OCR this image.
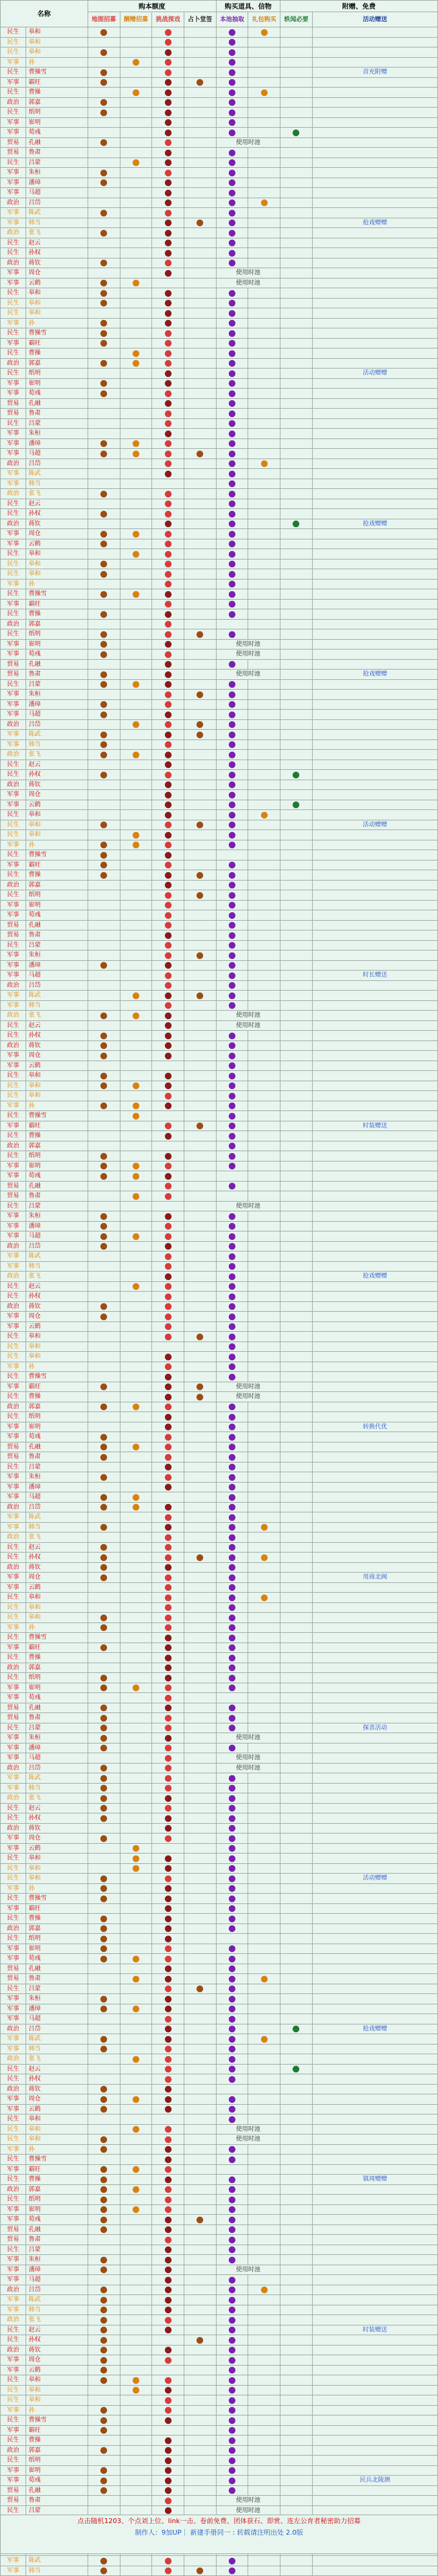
名称		购本额度				购买道具、信物		附赠、免费	
		地图招募	酬赠招募	挑战探戏	占卜堂签	本池抽取	礼包购买	轶闻必要	活动赠送
民生	皋和								
民生	皋和								
民生	皋和								
军事	孙								
民生	曹操雪								首充附赠
军事	霸旺								
民生	曹操								
政治	郭嘉								
民生	纸明								
军事	崔明								
军事	荀彧								
贸易	孔融					使用时池			
贸易	鲁肃								
民生	吕蒙								
军事	朱桓								
军事	潘璋								
军事	马超								
政治	吕岱								
军事	陈武								
军事	韩当								抢戏赠赠
政治	张飞								
民生	赵云								
民生	孙权								
政治	蒋钦								
军事	周仓					使用时池			
军事	云鹤					使用时池			
民生	皋和								
民生	皋和								
民生	皋和								
军事	孙								
民生	曹操雪								
军事	霸旺								
民生	曹操								
政治	郭嘉								
民生	纸明								活动赠赠
军事	崔明								
军事	荀彧								
贸易	孔融								
贸易	鲁肃								
民生	吕蒙								
军事	朱桓								
军事	潘璋								
军事	马超								
政治	吕岱								
军事	陈武								
军事	韩当								
政治	张飞								
民生	赵云								
民生	孙权								
政治	蒋钦								抢戏赠赠
军事	周仓								
军事	云鹤								
民生	皋和								
民生	皋和								
民生	皋和								
军事	孙								
民生	曹操雪								
军事	霸旺								
民生	曹操								
政治	郭嘉								
民生	纸明								
军事	崔明					使用时池			
军事	荀彧					使用时池			
贸易	孔融								
贸易	鲁肃					使用时池			抢戏赠赠
民生	吕蒙								
军事	朱桓								
军事	潘璋								
军事	马超								
政治	吕岱								
军事	陈武								
军事	韩当								
政治	张飞								
民生	赵云								
民生	孙权								
政治	蒋钦								
军事	周仓								
军事	云鹤								
民生	皋和								
民生	皋和								活动赠赠
民生	皋和								
军事	孙								
民生	曹操雪								
军事	霸旺								
民生	曹操								
政治	郭嘉								
民生	纸明								
军事	崔明								
军事	荀彧								
贸易	孔融								
贸易	鲁肃								
民生	吕蒙								
军事	朱桓								
军事	潘璋								
军事	马超								时长赠送
政治	吕岱								
军事	陈武								
军事	韩当								
政治	张飞					使用时池			
民生	赵云					使用时池			
民生	孙权								
政治	蒋钦								
军事	周仓								
军事	云鹤								
民生	皋和								
民生	皋和								
民生	皋和								
军事	孙								
民生	曹操雪								
军事	霸旺								时装赠送
民生	曹操								
政治	郭嘉								
民生	纸明								
军事	崔明								
军事	荀彧								
贸易	孔融								
贸易	鲁肃								
民生	吕蒙					使用时池			
军事	朱桓								
军事	潘璋								
军事	马超								
政治	吕岱								
军事	陈武								
军事	韩当								
政治	张飞								抢戏赠赠
民生	赵云								
民生	孙权								
政治	蒋钦								
军事	周仓								
军事	云鹤								
民生	皋和								
民生	皋和								
民生	皋和								
军事	孙								
民生	曹操雪								
军事	霸旺					使用时池			
民生	曹操					使用时池			
政治	郭嘉								
民生	纸明								
军事	崔明								转换代优
军事	荀彧								
贸易	孔融								
贸易	鲁肃								
民生	吕蒙								
军事	朱桓								
军事	潘璋								
军事	马超								
政治	吕岱								
军事	陈武								
军事	韩当								
政治	张飞								
民生	赵云								
民生	孙权								
政治	蒋钦								
军事	周仓								用商北阀
军事	云鹤								
民生	皋和								
民生	皋和								
民生	皋和								
军事	孙								
民生	曹操雪								
军事	霸旺								
民生	曹操								
政治	郭嘉								
民生	纸明								
军事	崔明								
军事	荀彧								
贸易	孔融								
贸易	鲁肃								
民生	吕蒙								探喜活动
军事	朱桓					使用时池			
军事	潘璋								
军事	马超					使用时池			
政治	吕岱					使用时池			
军事	陈武								
军事	韩当								
政治	张飞								
民生	赵云								
民生	孙权								
政治	蒋钦								
军事	周仓								
军事	云鹤								
民生	皋和								
民生	皋和								
民生	皋和								活动赠赠
军事	孙								
民生	曹操雪								
军事	霸旺								
民生	曹操								
政治	郭嘉								
民生	纸明								
军事	崔明								
军事	荀彧								
贸易	孔融								
贸易	鲁肃								
民生	吕蒙								
军事	朱桓								
军事	潘璋								
军事	马超								
政治	吕岱								抢戏赠赠
军事	陈武								
军事	韩当								
政治	张飞								
民生	赵云								
民生	孙权								
政治	蒋钦								
军事	周仓								
军事	云鹤								
民生	皋和								
民生	皋和					使用时池			
民生	皋和					使用时池			
军事	孙								
民生	曹操雪								
军事	霸旺								
民生	曹操								镇周赠赠
政治	郭嘉								
民生	纸明								
军事	崔明								
军事	荀彧								
贸易	孔融								
贸易	鲁肃								
民生	吕蒙								
军事	朱桓								
军事	潘璋					使用时池			
军事	马超								
政治	吕岱								
军事	陈武								
军事	韩当								
政治	张飞								
民生	赵云								时装赠送
民生	孙权								
政治	蒋钦								
军事	周仓								
军事	云鹤								
民生	皋和								
民生	皋和								
民生	皋和								
军事	孙								
民生	曹操雪								
军事	霸旺								
民生	曹操								
政治	郭嘉								
民生	纸明								
军事	崔明								
军事	荀彧								民兵北陵测
贸易	孔融								
贸易	鲁肃					使用时池			
民生	吕蒙					使用时池			

军事	陈武								
军事	韩当								
点击随机1203、个点刘上位、link一击、卷前免费、团体获石、即赏、连左公育者秘密助力招募
制作人：9加UP｜ 新建手册同一 : 转载请注明出处 2.0版
